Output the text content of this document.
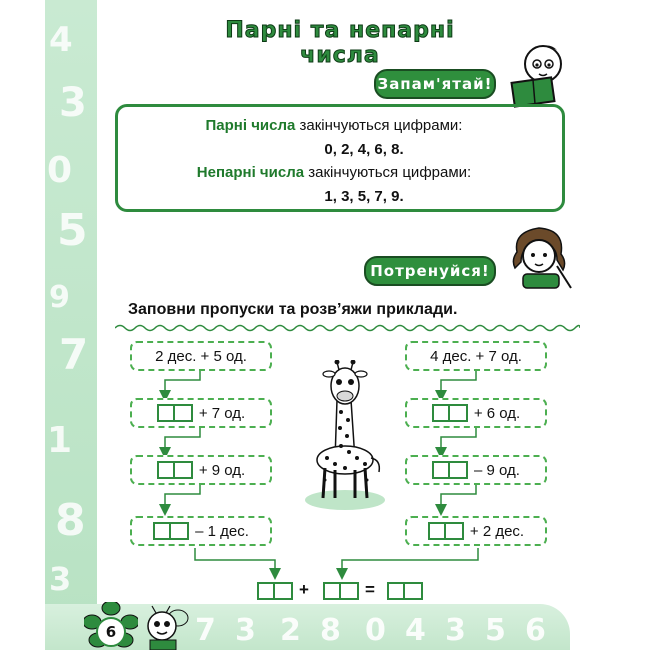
4
3
0
5
9
7
1
8
3
7 3 2 8 0 4 3 5 6
Парні та непарні числа
Запам'ятай!
Парні числа закінчуються цифрами:
0, 2, 4, 6, 8.
Непарні числа закінчуються цифрами:
1, 3, 5, 7, 9.
Потренуйся!
Заповни пропуски та розв’яжи приклади.
2 дес. + 5 од.
+ 7 од.
+ 9 од.
– 1 дес.
4 дес. + 7 од.
+ 6 од.
– 9 од.
+ 2 дес.
+	=
6
